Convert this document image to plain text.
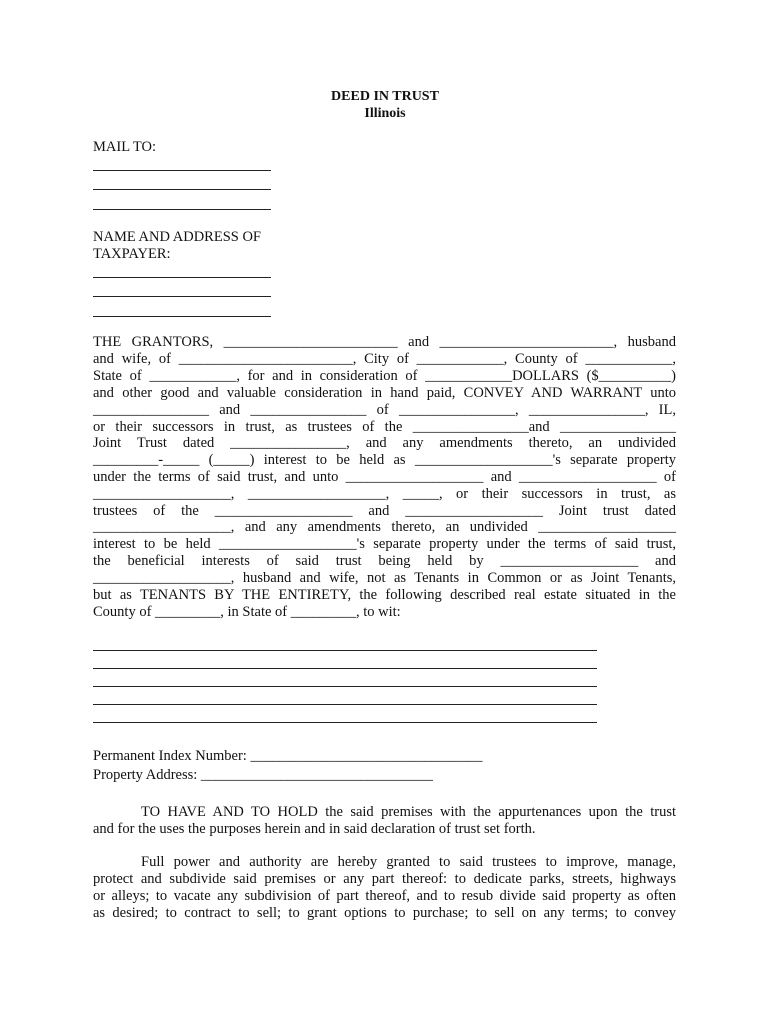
DEED IN TRUST
Illinois
MAIL TO:
NAME AND ADDRESS OF
TAXPAYER:
THE GRANTORS, ________________________ and ________________________, husband
and wife, of ________________________, City of ____________, County of ____________,
State of ____________, for and in consideration of ____________DOLLARS ($__________)
and other good and valuable consideration in hand paid, CONVEY AND WARRANT unto
________________ and ________________ of ________________, ________________, IL,
or their successors in trust, as trustees of the ________________and ________________
Joint Trust dated ________________, and any amendments thereto, an undivided
_________-_____ (_____) interest to be held as ___________________'s separate property
under the terms of said trust, and unto ___________________ and ___________________ of
___________________, ___________________, _____, or their successors in trust, as
trustees of the ___________________ and ___________________ Joint trust dated
___________________, and any amendments thereto, an undivided ___________________
interest to be held ___________________'s separate property under the terms of said trust,
the beneficial interests of said trust being held by ___________________ and
___________________, husband and wife, not as Tenants in Common or as Joint Tenants,
but as TENANTS BY THE ENTIRETY, the following described real estate situated in the
County of _________, in State of _________, to wit:
Permanent Index Number: ________________________________
Property Address: ________________________________
TO HAVE AND TO HOLD the said premises with the appurtenances upon the trust
and for the uses the purposes herein and in said declaration of trust set forth.
Full power and authority are hereby granted to said trustees to improve, manage,
protect and subdivide said premises or any part thereof: to dedicate parks, streets, highways
or alleys; to vacate any subdivision of part thereof, and to resub divide said property as often
as desired; to contract to sell; to grant options to purchase; to sell on any terms; to convey
